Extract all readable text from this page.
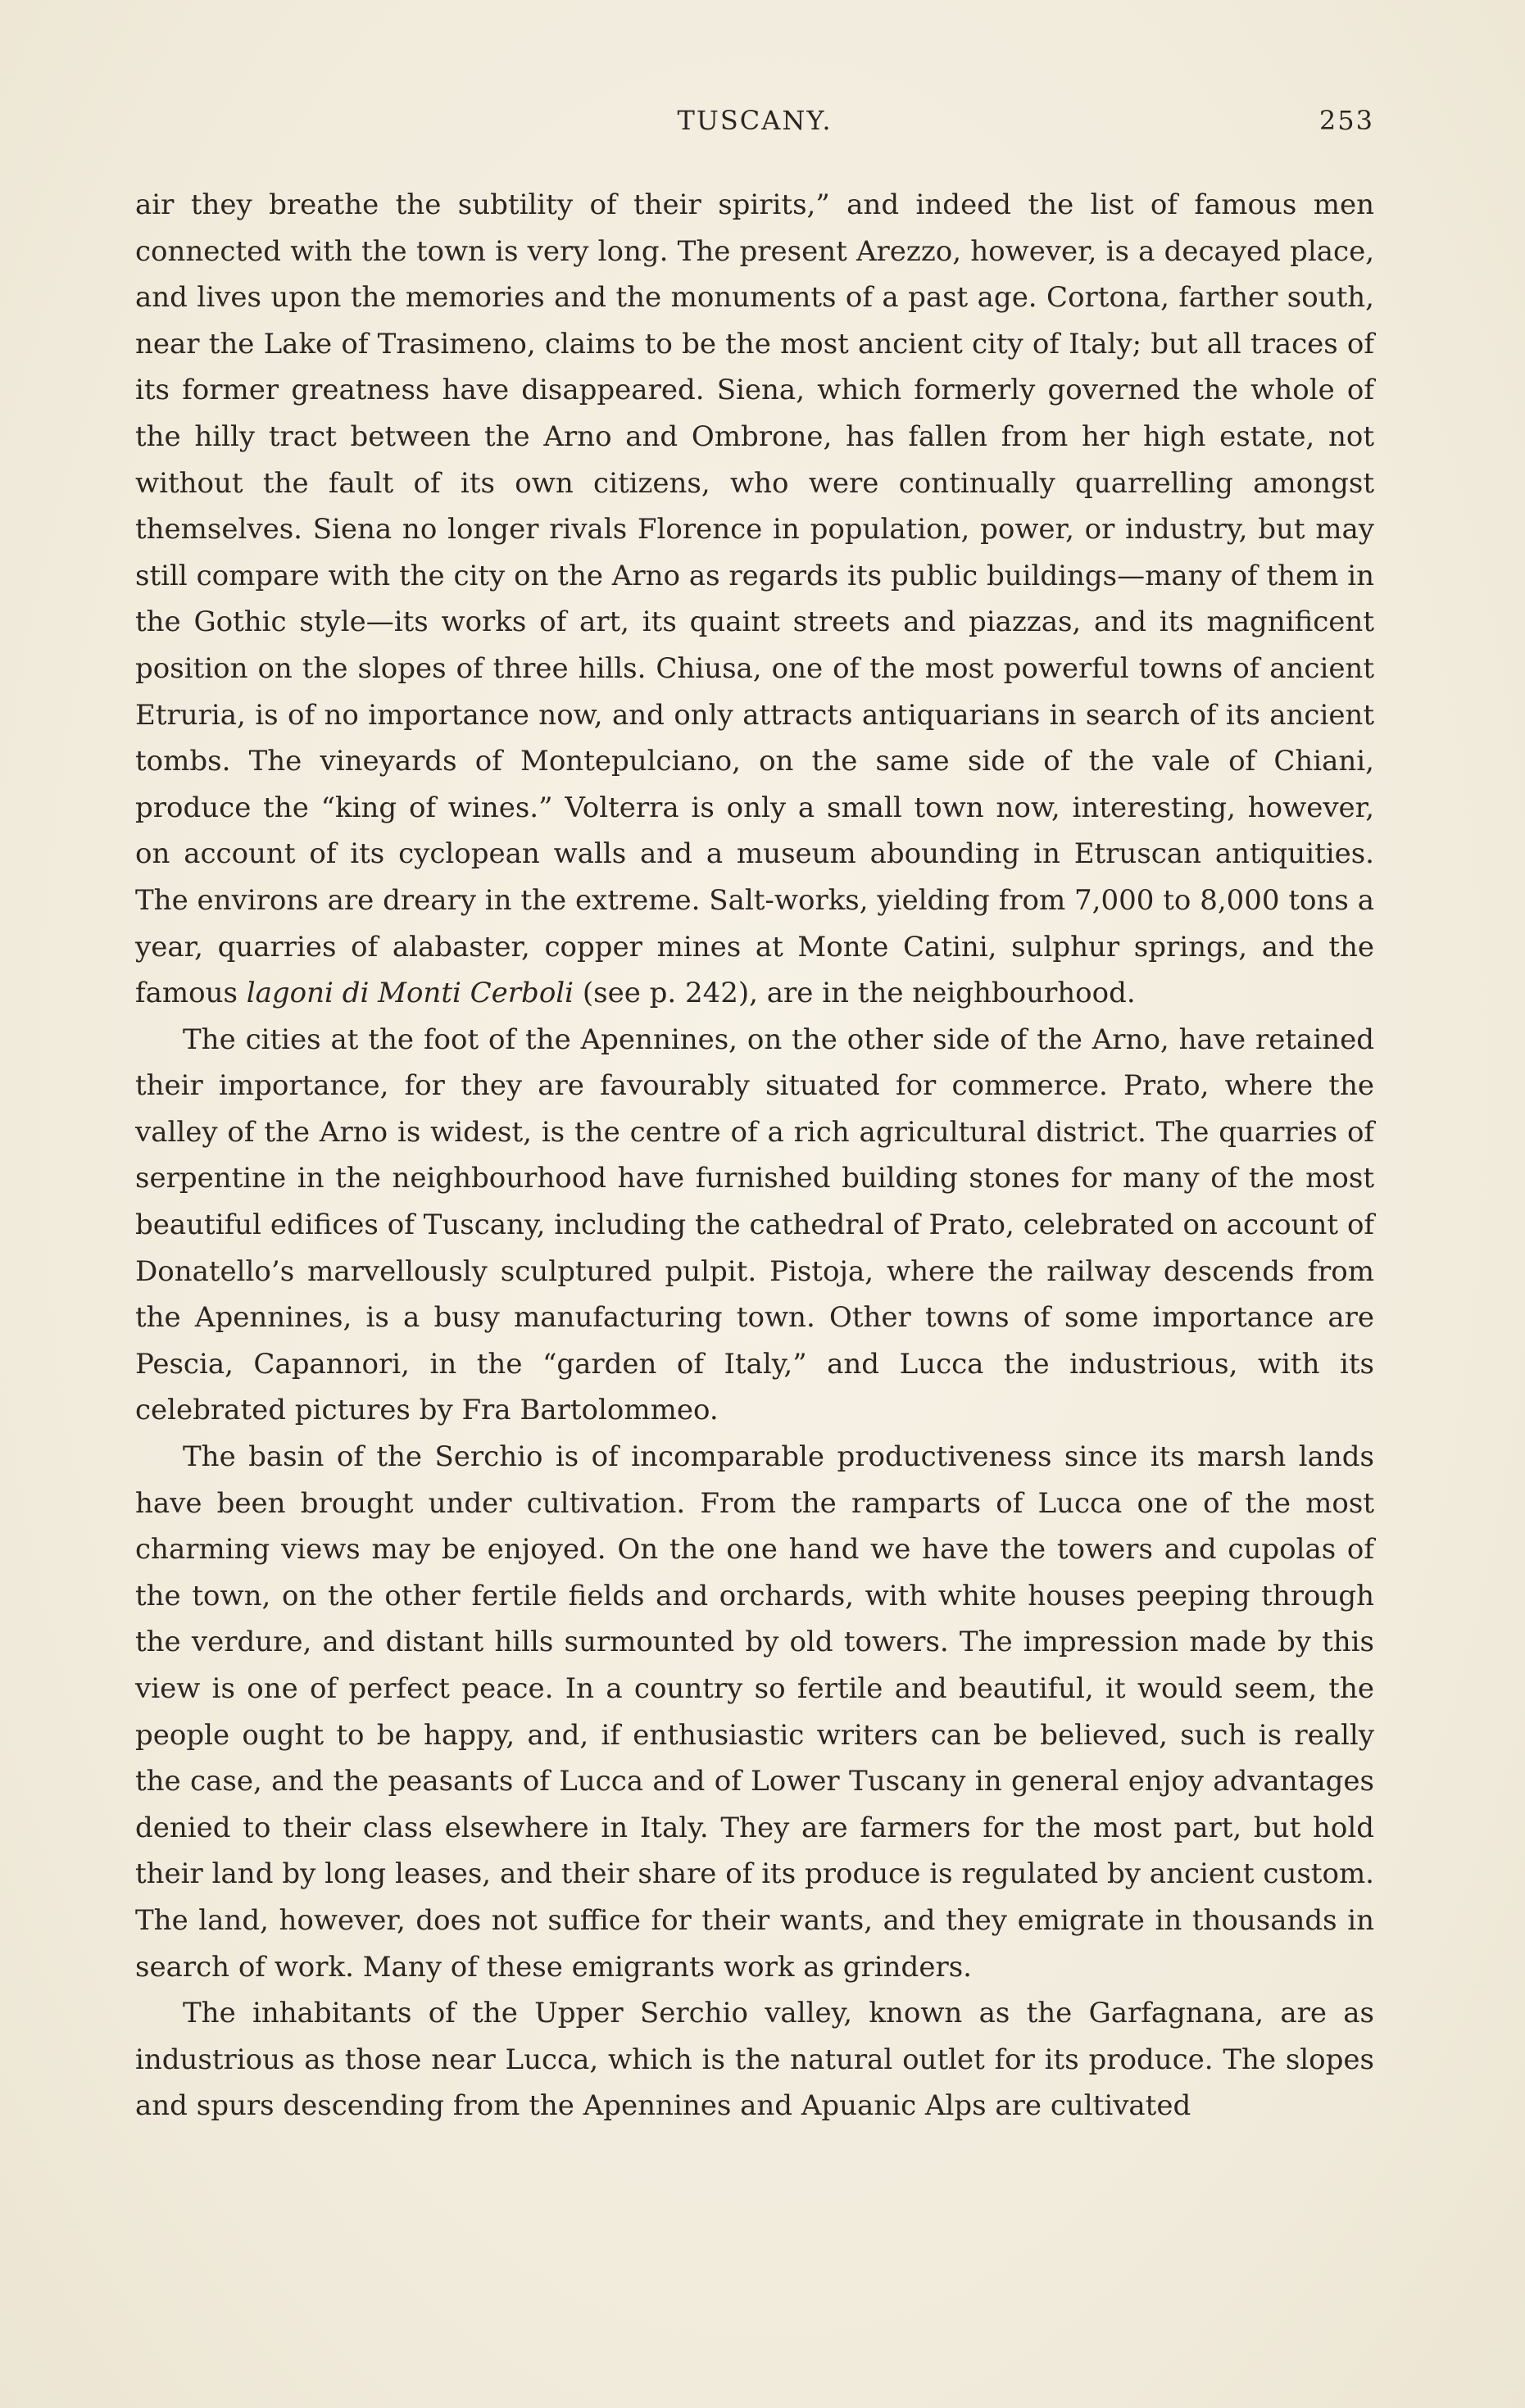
TUSCANY.	253

air they breathe the subtility of their spirits,” and indeed the list of famous men connected with the town is very long. The present Arezzo, however, is a decayed place, and lives upon the memories and the monuments of a past age. Cortona, farther south, near the Lake of Trasimeno, claims to be the most ancient city of Italy; but all traces of its former greatness have disappeared. Siena, which formerly governed the whole of the hilly tract between the Arno and Ombrone, has fallen from her high estate, not without the fault of its own citizens, who were continually quarrelling amongst themselves. Siena no longer rivals Florence in population, power, or industry, but may still compare with the city on the Arno as regards its public buildings—many of them in the Gothic style—its works of art, its quaint streets and piazzas, and its magnificent position on the slopes of three hills. Chiusa, one of the most powerful towns of ancient Etruria, is of no importance now, and only attracts antiquarians in search of its ancient tombs. The vineyards of Montepulciano, on the same side of the vale of Chiani, produce the “king of wines.” Volterra is only a small town now, interesting, however, on account of its cyclopean walls and a museum abounding in Etruscan antiquities. The environs are dreary in the extreme. Salt-works, yielding from 7,000 to 8,000 tons a year, quarries of alabaster, copper mines at Monte Catini, sulphur springs, and the famous lagoni di Monti Cerboli (see p. 242), are in the neighbourhood.

The cities at the foot of the Apennines, on the other side of the Arno, have retained their importance, for they are favourably situated for commerce. Prato, where the valley of the Arno is widest, is the centre of a rich agricultural district. The quarries of serpentine in the neighbourhood have furnished building stones for many of the most beautiful edifices of Tuscany, including the cathedral of Prato, celebrated on account of Donatello’s marvellously sculptured pulpit. Pistoja, where the railway descends from the Apennines, is a busy manufacturing town. Other towns of some importance are Pescia, Capannori, in the “garden of Italy,” and Lucca the industrious, with its celebrated pictures by Fra Bartolommeo.

The basin of the Serchio is of incomparable productiveness since its marsh lands have been brought under cultivation. From the ramparts of Lucca one of the most charming views may be enjoyed. On the one hand we have the towers and cupolas of the town, on the other fertile fields and orchards, with white houses peeping through the verdure, and distant hills surmounted by old towers. The impression made by this view is one of perfect peace. In a country so fertile and beautiful, it would seem, the people ought to be happy, and, if enthusiastic writers can be believed, such is really the case, and the peasants of Lucca and of Lower Tuscany in general enjoy advantages denied to their class elsewhere in Italy. They are farmers for the most part, but hold their land by long leases, and their share of its produce is regulated by ancient custom. The land, however, does not suffice for their wants, and they emigrate in thousands in search of work. Many of these emigrants work as grinders.

The inhabitants of the Upper Serchio valley, known as the Garfagnana, are as industrious as those near Lucca, which is the natural outlet for its produce. The slopes and spurs descending from the Apennines and Apuanic Alps are cultivated
